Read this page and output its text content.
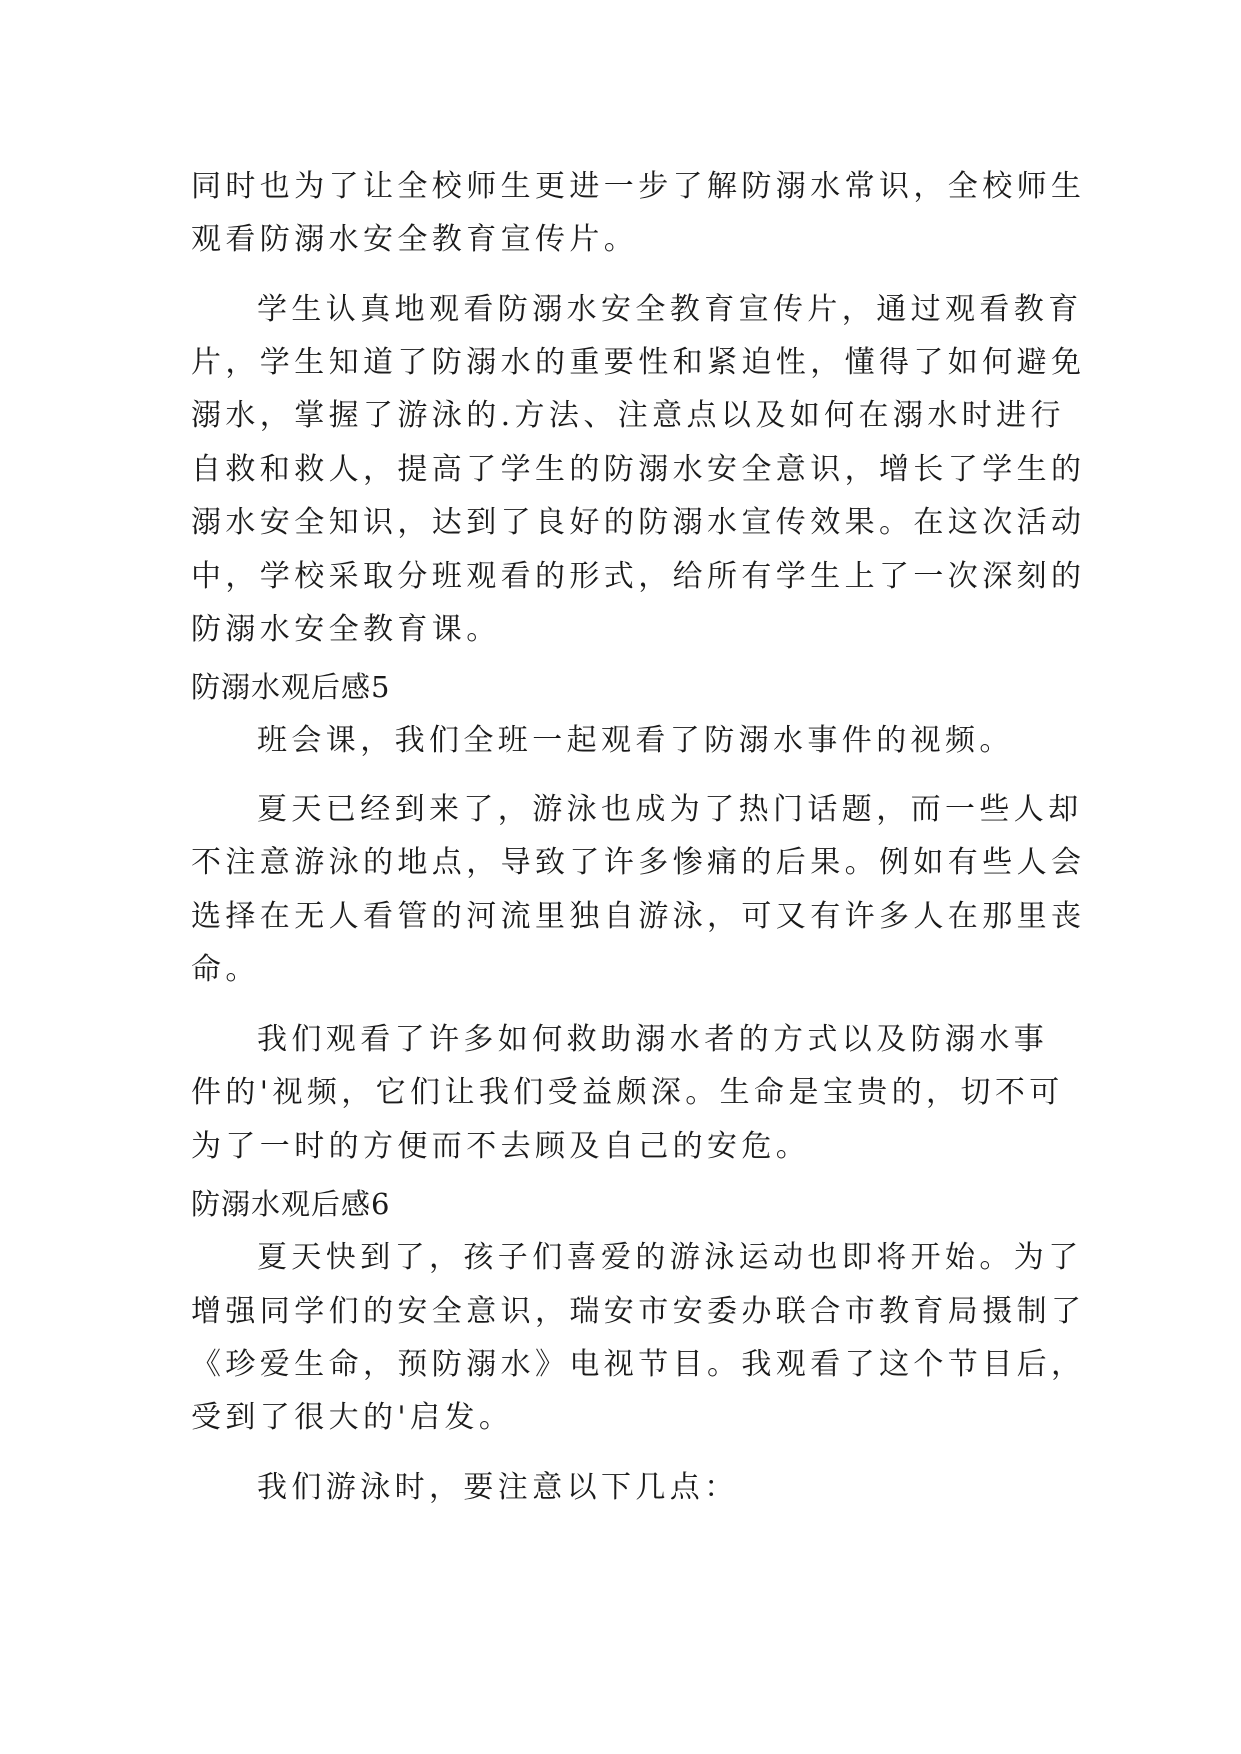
同时也为了让全校师生更进一步了解防溺水常识，全校师生
观看防溺水安全教育宣传片。
学生认真地观看防溺水安全教育宣传片，通过观看教育
片，学生知道了防溺水的重要性和紧迫性，懂得了如何避免
溺水，掌握了游泳的.方法、注意点以及如何在溺水时进行
自救和救人，提高了学生的防溺水安全意识，增长了学生的
溺水安全知识，达到了良好的防溺水宣传效果。在这次活动
中，学校采取分班观看的形式，给所有学生上了一次深刻的
防溺水安全教育课。
防溺水观后感5
班会课，我们全班一起观看了防溺水事件的视频。
夏天已经到来了，游泳也成为了热门话题，而一些人却
不注意游泳的地点，导致了许多惨痛的后果。例如有些人会
选择在无人看管的河流里独自游泳，可又有许多人在那里丧
命。
我们观看了许多如何救助溺水者的方式以及防溺水事
件的'视频，它们让我们受益颇深。生命是宝贵的，切不可
为了一时的方便而不去顾及自己的安危。
防溺水观后感6
夏天快到了，孩子们喜爱的游泳运动也即将开始。为了
增强同学们的安全意识，瑞安市安委办联合市教育局摄制了
《珍爱生命，预防溺水》电视节目。我观看了这个节目后，
受到了很大的'启发。
我们游泳时，要注意以下几点：
